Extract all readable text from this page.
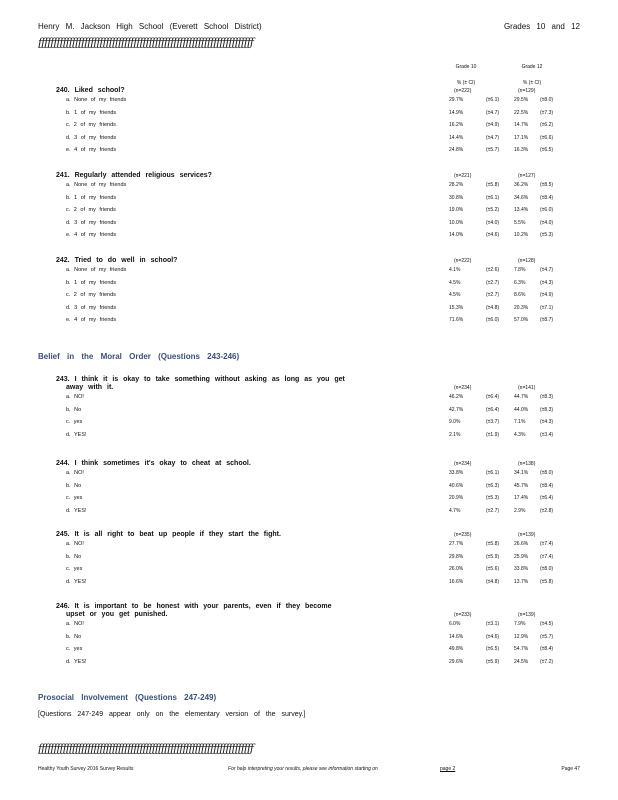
Henry M. Jackson High School (Everett School District)	Grades 10 and 12
ƒƒƒƒƒƒƒƒƒƒƒƒƒƒƒƒƒƒƒƒƒƒƒƒƒƒƒƒƒƒƒƒƒƒƒƒƒƒƒƒƒƒƒƒƒƒƒƒƒƒƒƒƒƒƒƒƒƒƒƒƒƒƒƒƒƒƒƒƒƒ
Grade 10	Grade 12
% (± CI)	% (± CI)
240. Liked school?	(n=222)	(n=129)
a. None of my friends	29.7%	(±6.1)	29.5% (±8.0)
b. 1 of my friends	14.9%	(±4.7)	22.5% (±7.3)
c. 2 of my friends	16.2%	(±4.9)	14.7% (±6.2)
d. 3 of my friends	14.4%	(±4.7)	17.1% (±6.6)
e. 4 of my friends	24.8%	(±5.7)	16.3% (±6.5)
241. Regularly attended religious services?	(n=221)	(n=127)
a. None of my friends	28.2%	(±5.8)	36.2% (±8.5)
b. 1 of my friends	30.8%	(±6.1)	34.6% (±8.4)
c. 2 of my friends	19.0%	(±5.2)	13.4% (±6.0)
d. 3 of my friends	10.0%	(±4.0)	5.5%	(±4.0)
e. 4 of my friends	14.0%	(±4.6)	10.2% (±5.3)
242. Tried to do well in school?	(n=222)	(n=128)
a. None of my friends	4.1%	(±2.6)	7.8%	(±4.7)
b. 1 of my friends	4.5%	(±2.7)	6.3%	(±4.3)
c. 2 of my friends	4.5%	(±2.7)	8.6%	(±4.9)
d. 3 of my friends	15.3%	(±4.8)	20.3% (±7.1)
e. 4 of my friends	71.6%	(±6.0)	57.0% (±8.7)
243. I think it is okay to take something without asking as long as you get
away with it.	(n=234)	(n=141)
a. NO!	46.2%	(±6.4)	44.7% (±8.3)
b. No	42.7%	(±6.4)	44.0% (±8.3)
c. yes	9.0%	(±3.7)	7.1%	(±4.3)
d. YES!	2.1%	(±1.9)	4.3%	(±3.4)
244. I think sometimes it's okay to cheat at school.	(n=234)	(n=138)
a. NO!	33.8%	(±6.1)	34.1% (±8.0)
b. No	40.6%	(±6.3)	45.7% (±8.4)
c. yes	20.9%	(±5.3)	17.4% (±6.4)
d. YES!	4.7%	(±2.7)	2.9%	(±2.8)
245. It is all right to beat up people if they start the fight.	(n=235)	(n=139)
a. NO!	27.7%	(±5.8)	26.6% (±7.4)
b. No	29.8%	(±5.9)	25.9% (±7.4)
c. yes	26.0%	(±5.6)	33.8% (±8.0)
d. YES!	16.6%	(±4.8)	13.7% (±5.8)
246. It is important to be honest with your parents, even if they become
upset or you get punished.	(n=233)	(n=139)
a. NO!	6.0%	(±3.1)	7.9%	(±4.5)
b. No	14.6%	(±4.6)	12.9% (±5.7)
c. yes	49.8%	(±6.5)	54.7% (±8.4)
d. YES!	29.6%	(±5.9)	24.5% (±7.2)
Belief in the Moral Order (Questions 243-246)
Prosocial Involvement (Questions 247-249)
[Questions 247-249 appear only on the elementary version of the survey.]
ƒƒƒƒƒƒƒƒƒƒƒƒƒƒƒƒƒƒƒƒƒƒƒƒƒƒƒƒƒƒƒƒƒƒƒƒƒƒƒƒƒƒƒƒƒƒƒƒƒƒƒƒƒƒƒƒƒƒƒƒƒƒƒƒƒƒƒƒƒƒ
Healthy Youth Survey 2016 Survey Results	For help interpreting your results, please see information starting on	page 2	Page 47
